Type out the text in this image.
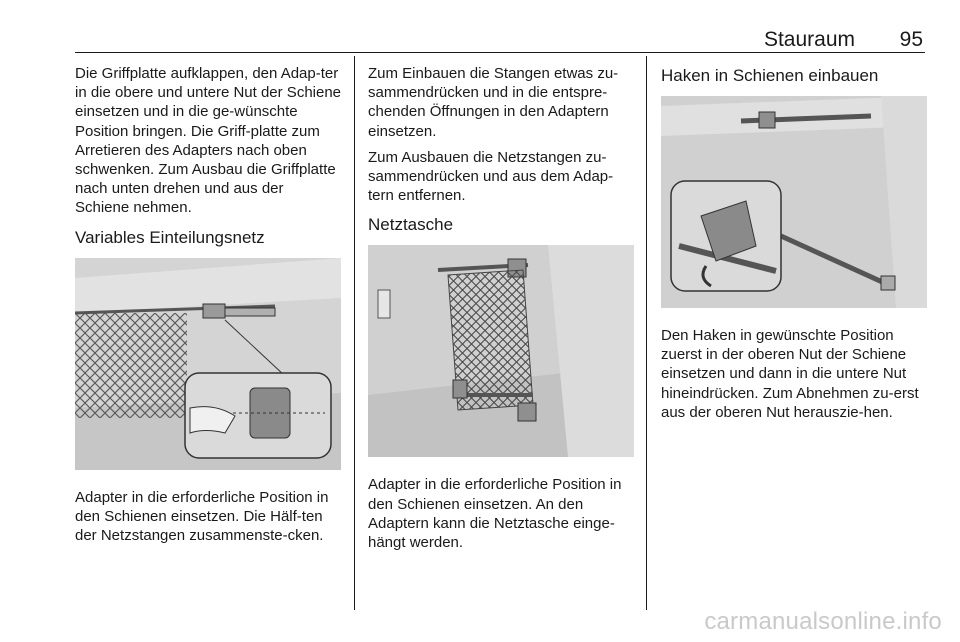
Stauraum 95

Die Griffplatte aufklappen, den Adap-ter in die obere und untere Nut der Schiene einsetzen und in die ge-wünschte Position bringen. Die Griff-platte zum Arretieren des Adapters nach oben schwenken. Zum Ausbau die Griffplatte nach unten drehen und aus der Schiene nehmen.

Variables Einteilungsnetz

Adapter in die erforderliche Position in den Schienen einsetzen. Die Hälf-ten der Netzstangen zusammenste-cken.

Zum Einbauen die Stangen etwas zu-sammendrücken und in die entspre-chenden Öffnungen in den Adaptern einsetzen.

Zum Ausbauen die Netzstangen zu-sammendrücken und aus dem Adap-tern entfernen.

Netztasche

Adapter in die erforderliche Position in den Schienen einsetzen. An den Adaptern kann die Netztasche einge-hängt werden.

Haken in Schienen einbauen

Den Haken in gewünschte Position zuerst in der oberen Nut der Schiene einsetzen und dann in die untere Nut hineindrücken. Zum Abnehmen zu-erst aus der oberen Nut herauszie-hen.

carmanualsonline.info
